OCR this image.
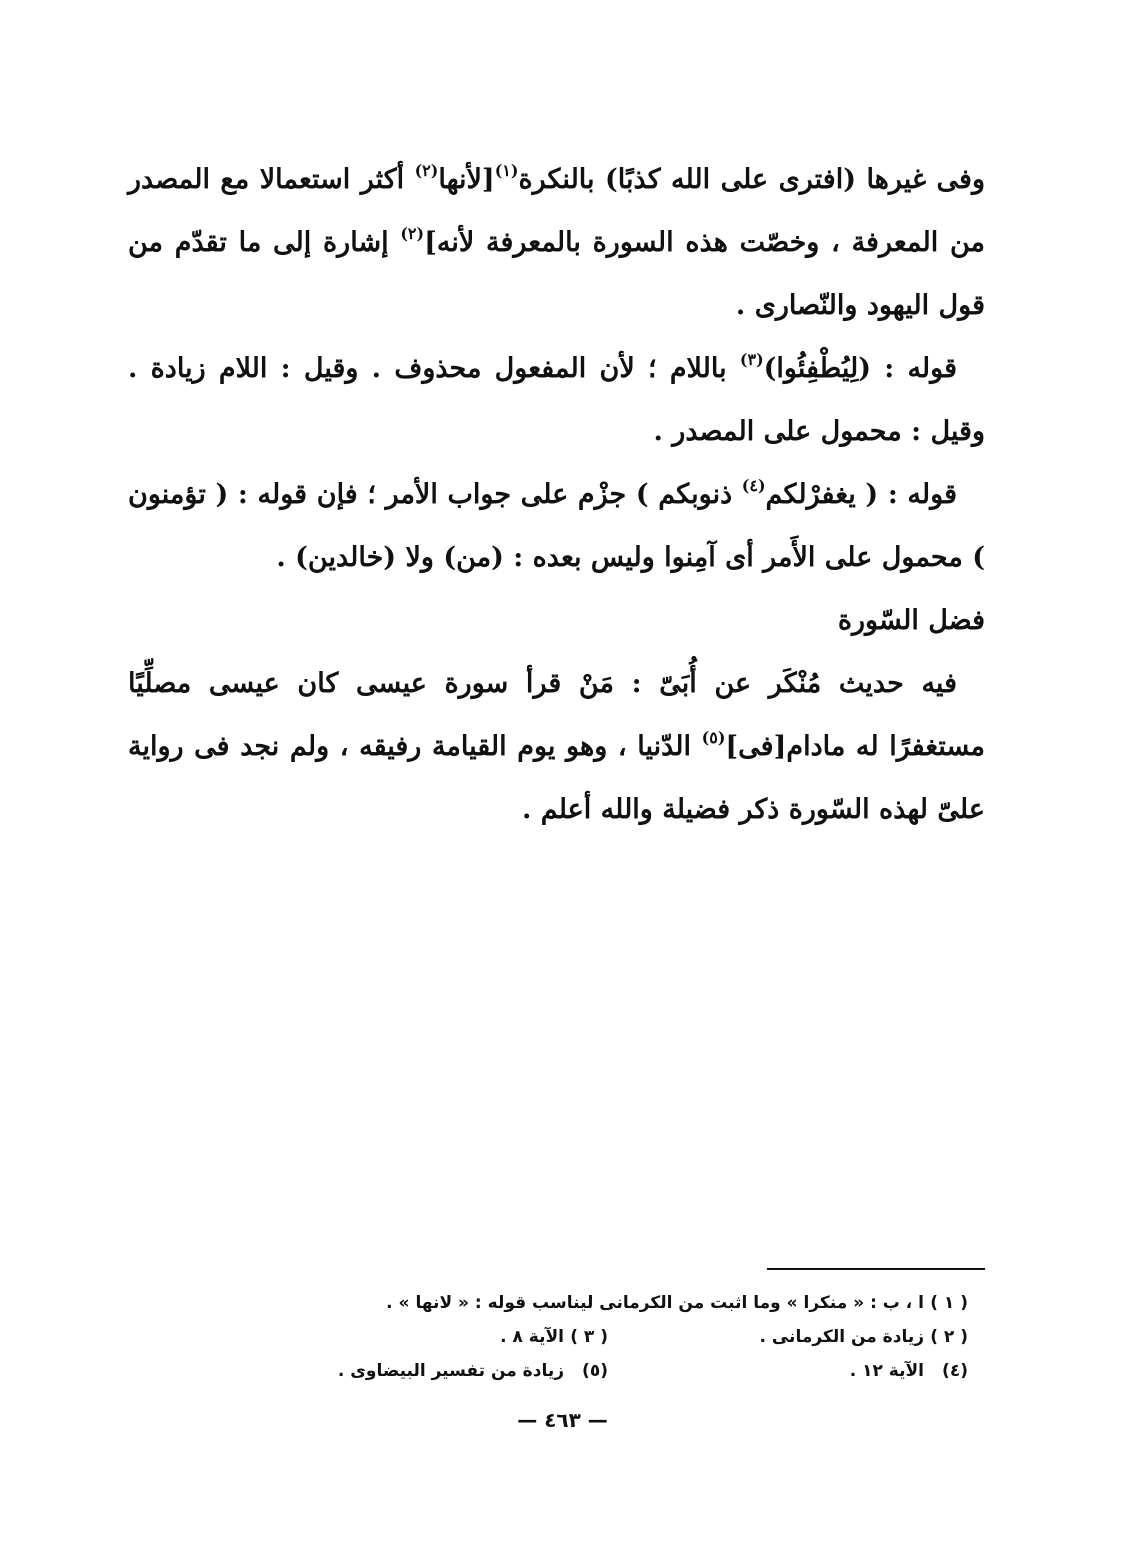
وفى غيرها (افترى على الله كذبًا) بالنكرة$^{(١)}$[لأنها$^{(٢)}$ أكثر استعمالا مع المصدر من المعرفة ، وخصّت هذه السورة بالمعرفة لأنه]$^{(٢)}$ إشارة إلى ما تقدّم من قول اليهود والنّصارى .

قوله : (لِيُطْفِئُوا)$^{(٣)}$ باللام ؛ لأن المفعول محذوف . وقيل : اللام زيادة . وقيل : محمول على المصدر .

قوله : ( يغفرْلكم$^{(٤)}$ ذنوبكم ) جزْم على جواب الأمر ؛ فإن قوله : ( تؤمنون ) محمول على الأَمر أى آمِنوا وليس بعده : (من) ولا (خالدين) .

فضل السّورة

فيه حديث مُنْكَر عن أُبَىّ : مَنْ قرأ سورة عيسى كان عيسى مصلِّيًا مستغفرًا له مادام[فى]$^{(٥)}$ الدّنيا ، وهو يوم القيامة رفيقه ، ولم نجد فى رواية علىّ لهذه السّورة ذكر فضيلة والله أعلم .

( ١ )ا ، ب : « منكرا » وما اثبت من الكرمانى ليناسب قوله : « لانها » .
( ٢ )زيادة من الكرمانى .( ٣ )الآية ٨ .
(٤)الآية ١٢ .(٥)زيادة من تفسير البيضاوى .
— ٤٦٣ —
